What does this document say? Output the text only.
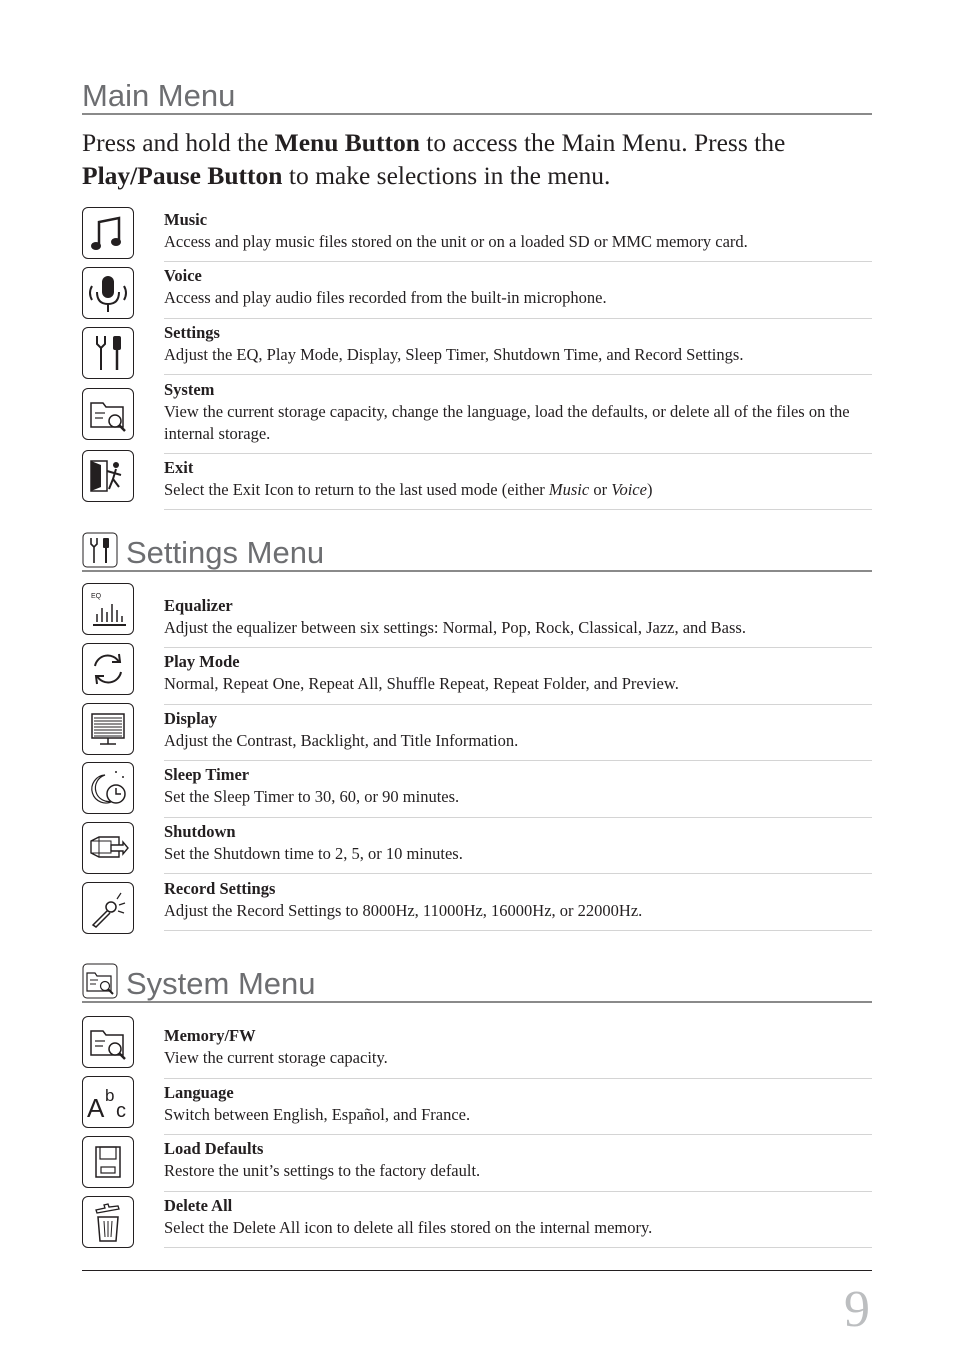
Main Menu
Press and hold the Menu Button to access the Main Menu. Press the
Play/Pause Button to make selections in the menu.
Music
Access and play music files stored on the unit or on a loaded SD or MMC memory card.
Voice
Access and play audio files recorded from the built-in microphone.
Settings
Adjust the EQ, Play Mode, Display, Sleep Timer, Shutdown Time, and Record Settings.
System
View the current storage capacity, change the language, load the defaults, or delete all of the files on the internal storage.
Exit
Select the Exit Icon to return to the last used mode (either Music or Voice)
Settings Menu
EQ	Equalizer
Adjust the equalizer between six settings: Normal, Pop, Rock, Classical, Jazz, and Bass.
Play Mode
Normal, Repeat One, Repeat All, Shuffle Repeat, Repeat Folder, and Preview.
Display
Adjust the Contrast, Backlight, and Title Information.
Sleep Timer
Set the Sleep Timer to 30, 60, or 90 minutes.
Shutdown
Set the Shutdown time to 2, 5, or 10 minutes.
Record Settings
Adjust the Record Settings to 8000Hz, 11000Hz, 16000Hz, or 22000Hz.
System Menu
Memory/FW
View the current storage capacity.
A b
c
Language
Switch between English, Español, and France.
Load Defaults
Restore the unit’s settings to the factory default.
Delete All
Select the Delete All icon to delete all files stored on the internal memory.
9
